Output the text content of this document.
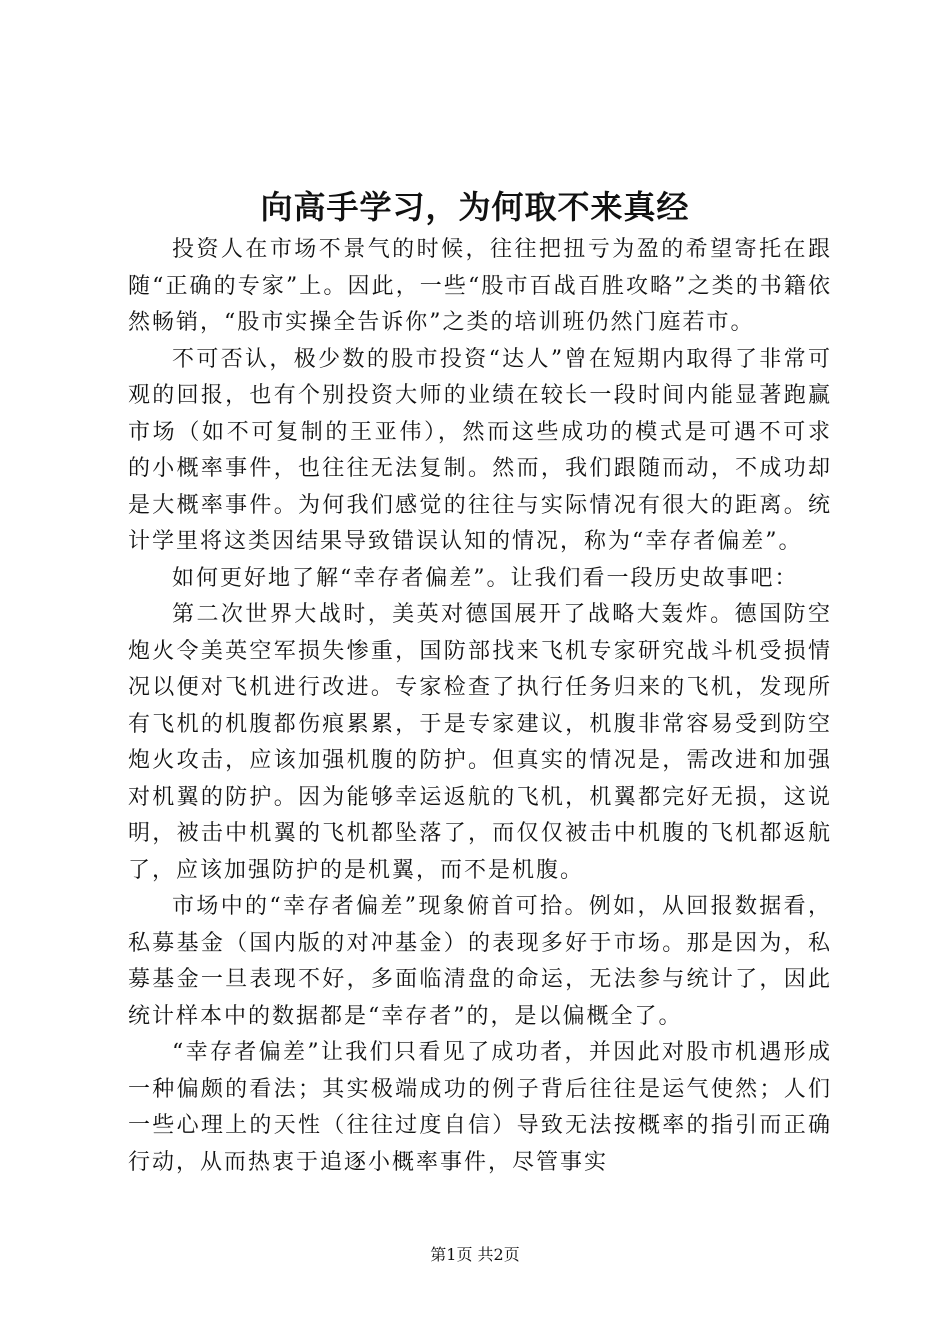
向高手学习，为何取不来真经

投资人在市场不景气的时候，往往把扭亏为盈的希望寄托在跟随“正确的专家”上。因此，一些“股市百战百胜攻略”之类的书籍依然畅销，“股市实操全告诉你”之类的培训班仍然门庭若市。

不可否认，极少数的股市投资“达人”曾在短期内取得了非常可观的回报，也有个别投资大师的业绩在较长一段时间内能显著跑赢市场（如不可复制的王亚伟），然而这些成功的模式是可遇不可求的小概率事件，也往往无法复制。然而，我们跟随而动，不成功却是大概率事件。为何我们感觉的往往与实际情况有很大的距离。统计学里将这类因结果导致错误认知的情况，称为“幸存者偏差”。

如何更好地了解“幸存者偏差”。让我们看一段历史故事吧：

第二次世界大战时，美英对德国展开了战略大轰炸。德国防空炮火令美英空军损失惨重，国防部找来飞机专家研究战斗机受损情况以便对飞机进行改进。专家检查了执行任务归来的飞机，发现所有飞机的机腹都伤痕累累，于是专家建议，机腹非常容易受到防空炮火攻击，应该加强机腹的防护。但真实的情况是，需改进和加强对机翼的防护。因为能够幸运返航的飞机，机翼都完好无损，这说明，被击中机翼的飞机都坠落了，而仅仅被击中机腹的飞机都返航了，应该加强防护的是机翼，而不是机腹。

市场中的“幸存者偏差”现象俯首可拾。例如，从回报数据看，私募基金（国内版的对冲基金）的表现多好于市场。那是因为，私募基金一旦表现不好，多面临清盘的命运，无法参与统计了，因此统计样本中的数据都是“幸存者”的，是以偏概全了。

“幸存者偏差”让我们只看见了成功者，并因此对股市机遇形成一种偏颇的看法；其实极端成功的例子背后往往是运气使然；人们一些心理上的天性（往往过度自信）导致无法按概率的指引而正确行动，从而热衷于追逐小概率事件，尽管事实

第1页 共2页
